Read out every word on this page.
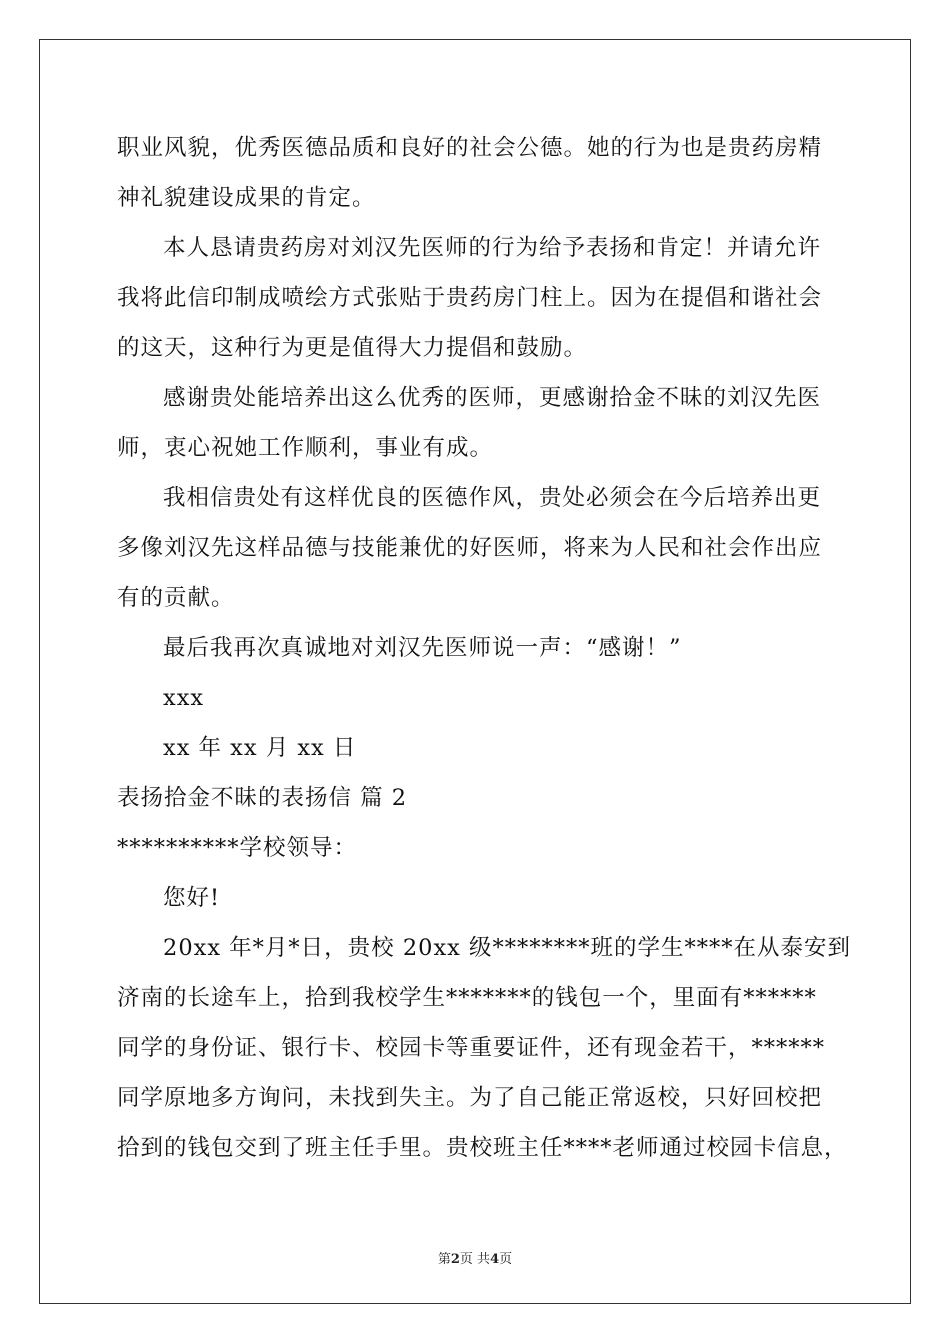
职业风貌，优秀医德品质和良好的社会公德。她的行为也是贵药房精
神礼貌建设成果的肯定。
本人恳请贵药房对刘汉先医师的行为给予表扬和肯定！并请允许
我将此信印制成喷绘方式张贴于贵药房门柱上。因为在提倡和谐社会
的这天，这种行为更是值得大力提倡和鼓励。
感谢贵处能培养出这么优秀的医师，更感谢拾金不昧的刘汉先医
师，衷心祝她工作顺利，事业有成。
我相信贵处有这样优良的医德作风，贵处必须会在今后培养出更
多像刘汉先这样品德与技能兼优的好医师，将来为人民和社会作出应
有的贡献。
最后我再次真诚地对刘汉先医师说一声：“感谢！”
xxx
xx 年 xx 月 xx 日
表扬拾金不昧的表扬信 篇 2
**********学校领导：
您好!
20xx 年*月*日，贵校 20xx 级********班的学生****在从泰安到
济南的长途车上，拾到我校学生*******的钱包一个，里面有******
同学的身份证、银行卡、校园卡等重要证件，还有现金若干，******
同学原地多方询问，未找到失主。为了自己能正常返校，只好回校把
拾到的钱包交到了班主任手里。贵校班主任****老师通过校园卡信息，
第2页 共4页
